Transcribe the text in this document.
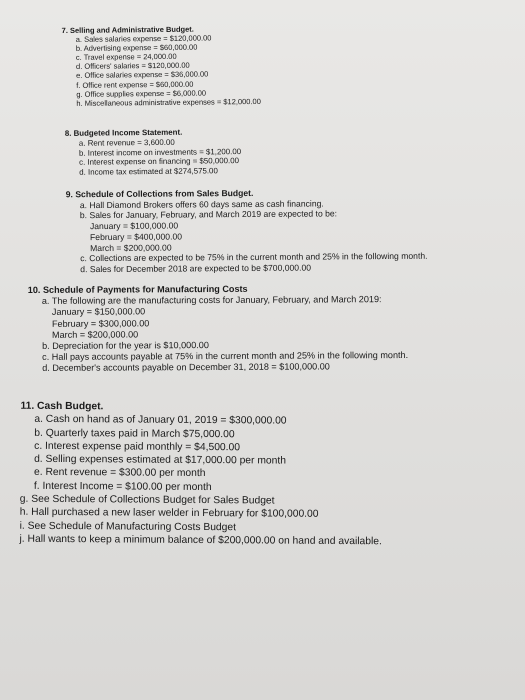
7. Selling and Administrative Budget.

a. Sales salaries expense = $120,000.00

b. Advertising expense = $60,000.00

c. Travel expense = 24,000.00

d. Officers' salaries = $120,000.00

e. Office salaries expense = $36,000.00

f. Office rent expense = $60,000.00

g. Office supplies expense = $6,000.00

h. Miscellaneous administrative expenses = $12,000.00

8. Budgeted Income Statement.

a. Rent revenue = 3,600.00

b. Interest income on investments = $1,200.00

c. Interest expense on financing = $50,000.00

d. Income tax estimated at $274,575.00

9. Schedule of Collections from Sales Budget.

a. Hall Diamond Brokers offers 60 days same as cash financing.

b. Sales for January, February, and March 2019 are expected to be:

January = $100,000.00

February = $400,000.00

March = $200,000.00

c. Collections are expected to be 75% in the current month and 25% in the following month.

d. Sales for December 2018 are expected to be $700,000.00

10. Schedule of Payments for Manufacturing Costs

a. The following are the manufacturing costs for January, February, and March 2019:

January = $150,000.00

February = $300,000.00

March = $200,000.00

b. Depreciation for the year is $10,000.00

c. Hall pays accounts payable at 75% in the current month and 25% in the following month.

d. December's accounts payable on December 31, 2018 = $100,000.00

11. Cash Budget.

a. Cash on hand as of January 01, 2019 = $300,000.00

b. Quarterly taxes paid in March $75,000.00

c. Interest expense paid monthly = $4,500.00

d. Selling expenses estimated at $17,000.00 per month

e. Rent revenue = $300.00 per month

f. Interest Income = $100.00 per month

g. See Schedule of Collections Budget for Sales Budget

h. Hall purchased a new laser welder in February for $100,000.00

i. See Schedule of Manufacturing Costs Budget

j. Hall wants to keep a minimum balance of $200,000.00 on hand and available.
